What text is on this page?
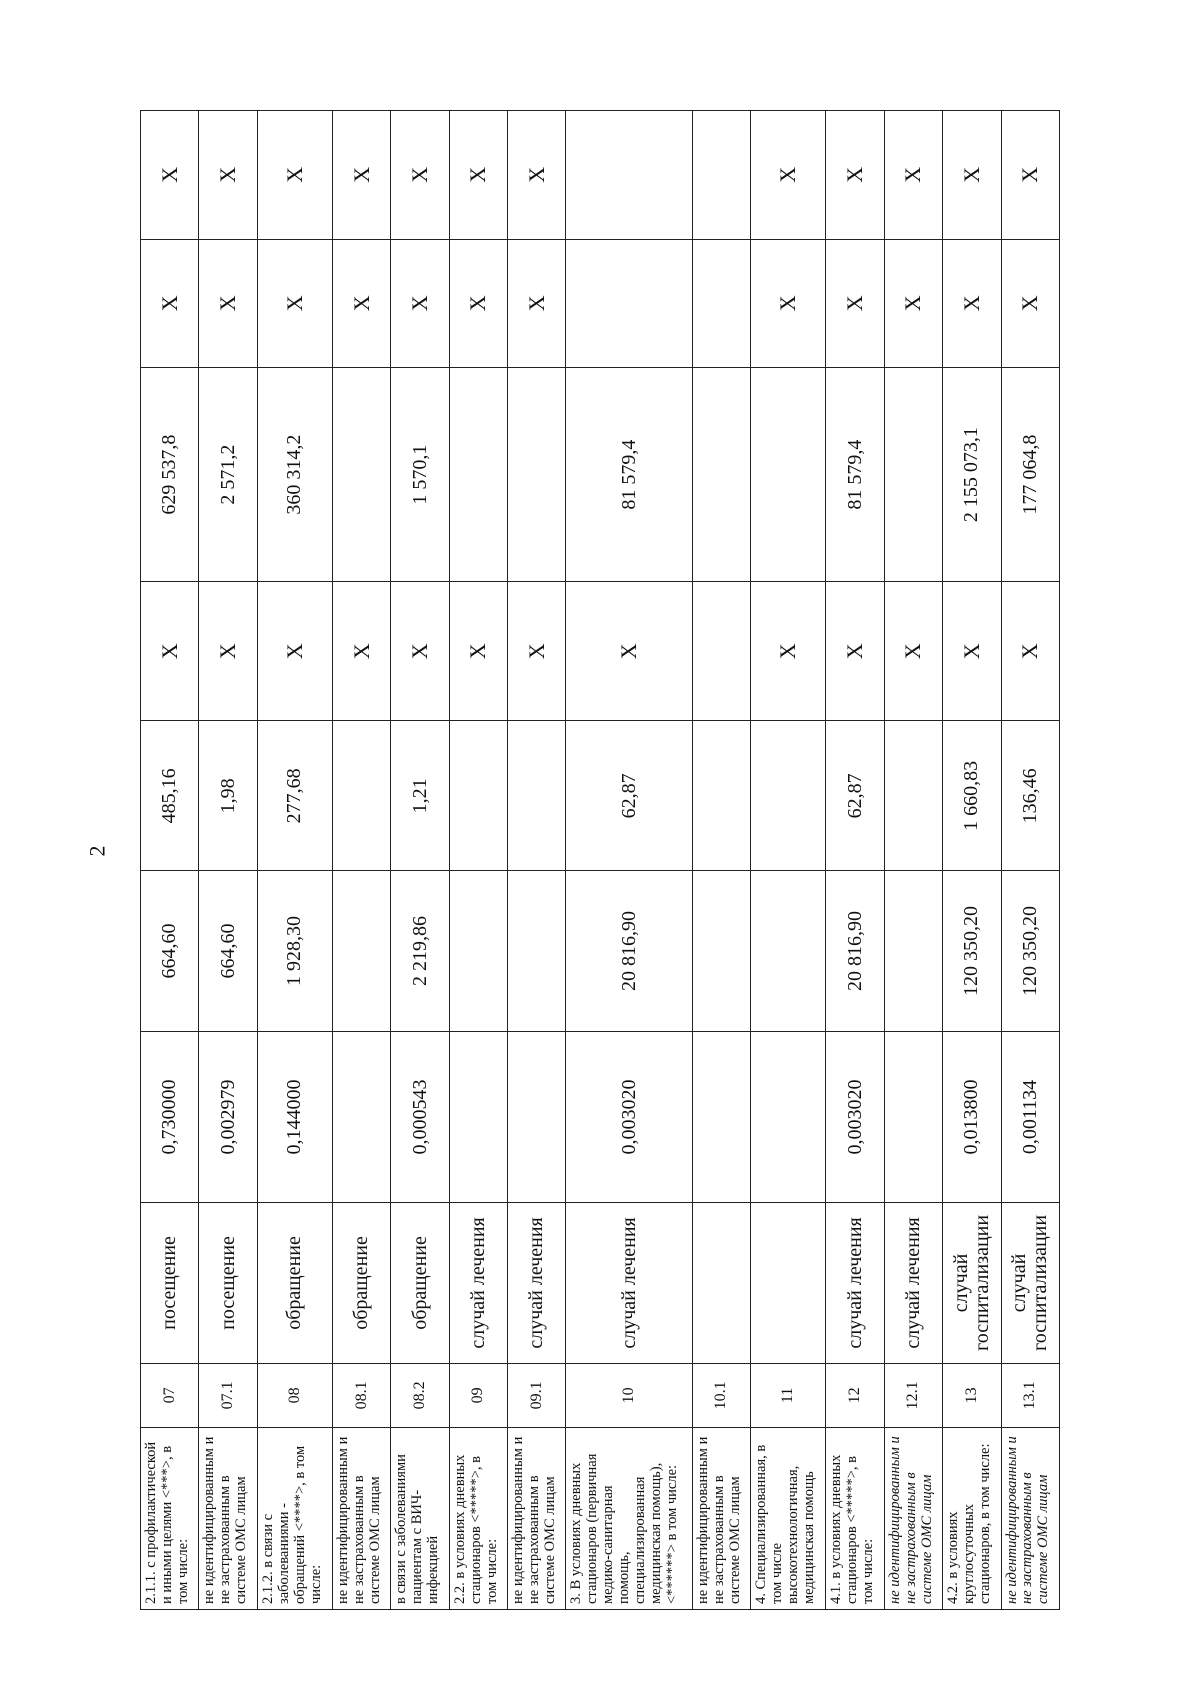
2
2.1.1. с профилактической и иными целями <***>, в том числе:	07	посещение	0,730000	664,60	485,16	X	629 537,8	X	X
не идентифицированным и не застрахованным в системе ОМС лицам	07.1	посещение	0,002979	664,60	1,98	X	2 571,2	X	X
2.1.2. в связи с заболеваниями - обращений <****>, в том числе:	08	обращение	0,144000	1 928,30	277,68	X	360 314,2	X	X
не идентифицированным и не застрахованным в системе ОМС лицам	08.1	обращение				X		X	X
в связи с заболеваниями пациентам с ВИЧ-инфекцией	08.2	обращение	0,000543	2 219,86	1,21	X	1 570,1	X	X
2.2. в условиях дневных стационаров <*****>, в том числе:	09	случай лечения				X		X	X
не идентифицированным и не застрахованным в системе ОМС лицам	09.1	случай лечения				X		X	X
3. В условиях дневных стационаров (первичная медико-санитарная помощь, специализированная медицинская помощь), <******> в том числе:	10	случай лечения	0,003020	20 816,90	62,87	X	81 579,4		
не идентифицированным и не застрахованным в системе ОМС лицам	10.1								
4. Специализированная, в том числе высокотехнологичная, медицинская помощь	11					X		X	X
4.1. в условиях дневных стационаров <*****>, в том числе:	12	случай лечения	0,003020	20 816,90	62,87	X	81 579,4	X	X
не идентифицированным и не застрахованным в системе ОМС лицам	12.1	случай лечения				X		X	X
4.2. в условиях круглосуточных стационаров, в том числе:	13	случай госпитализации	0,013800	120 350,20	1 660,83	X	2 155 073,1	X	X
не идентифицированным и не застрахованным в системе ОМС лицам	13.1	случай госпитализации	0,001134	120 350,20	136,46	X	177 064,8	X	X
